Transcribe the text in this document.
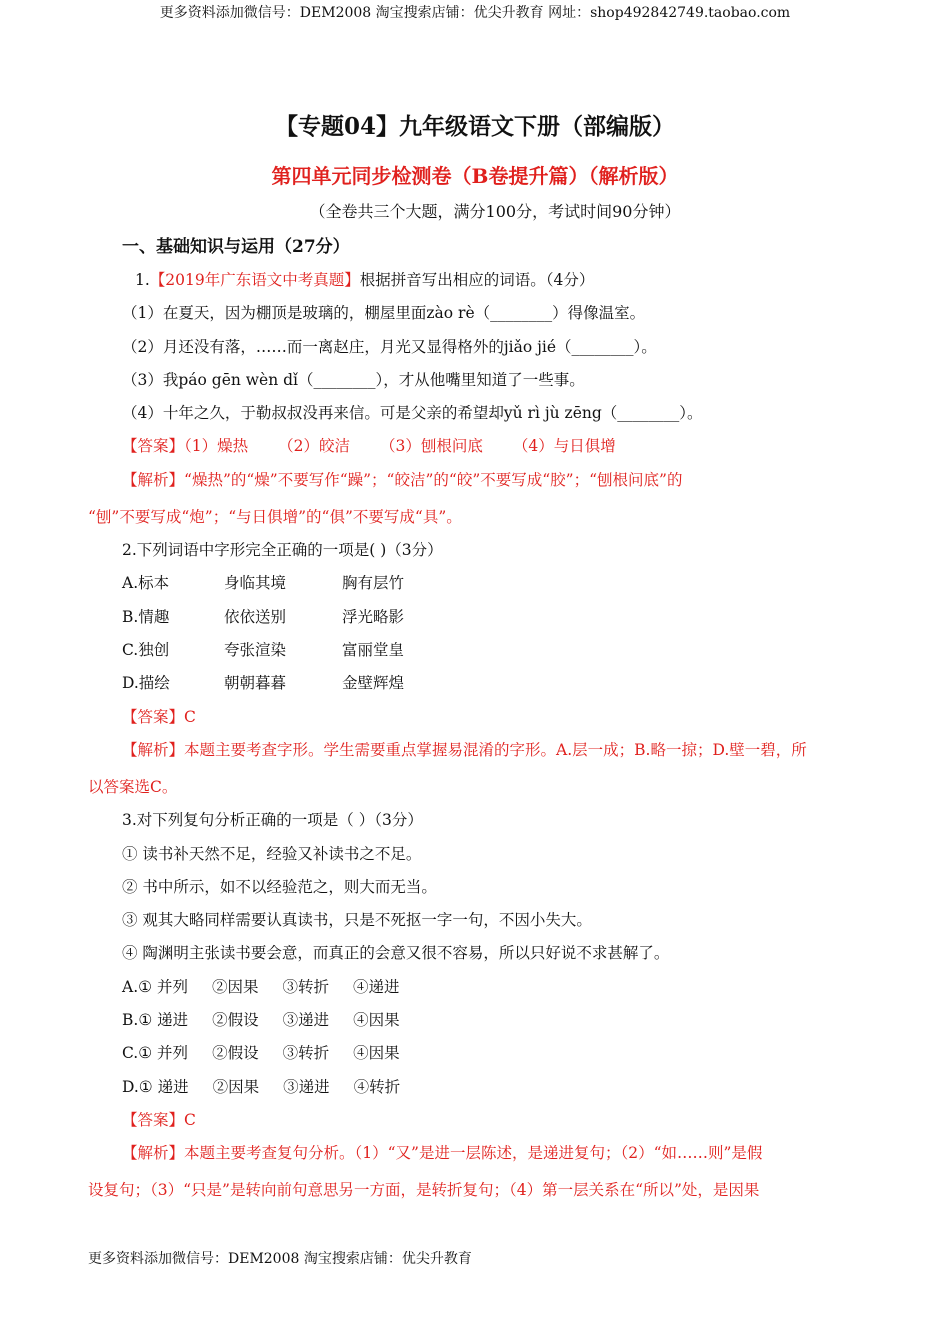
更多资料添加微信号：DEM2008 淘宝搜索店铺：优尖升教育 网址：shop492842749.taobao.com
【专题04】九年级语文下册（部编版）
第四单元同步检测卷（B卷提升篇）（解析版）
（全卷共三个大题，满分100分，考试时间90分钟）
一、基础知识与运用（27分）
1.【2019年广东语文中考真题】根据拼音写出相应的词语。（4分）
（1）在夏天，因为棚顶是玻璃的，棚屋里面zào rè（________）得像温室。
（2）月还没有落，……而一离赵庄，月光又显得格外的jiǎo jié（________）。
（3）我páo gēn wèn dǐ（________），才从他嘴里知道了一些事。
（4）十年之久，于勒叔叔没再来信。可是父亲的希望却yǔ rì jù zēng（________）。
【答案】（1）燥热 （2）皎洁 （3）刨根问底 （4）与日俱增
【解析】“燥热”的“燥”不要写作“躁”；“皎洁”的“皎”不要写成“胶”；“刨根问底”的
“刨”不要写成“炮”；“与日俱增”的“俱”不要写成“具”。
2.下列词语中字形完全正确的一项是( )（3分）
A.标本	身临其境	胸有层竹
B.情趣	依依送别	浮光略影
C.独创	夸张渲染	富丽堂皇
D.描绘	朝朝暮暮	金壁辉煌
【答案】C
【解析】本题主要考查字形。学生需要重点掌握易混淆的字形。A.层一成；B.略一掠；D.壁一碧，所
以答案选C。
3.对下列复句分析正确的一项是（ ）（3分）
① 读书补天然不足，经验又补读书之不足。
② 书中所示，如不以经验范之，则大而无当。
③ 观其大略同样需要认真读书，只是不死抠一字一句，不因小失大。
④ 陶渊明主张读书要会意，而真正的会意又很不容易，所以只好说不求甚解了。
A.① 并列 ②因果 ③转折 ④递进
B.① 递进 ②假设 ③递进 ④因果
C.① 并列 ②假设 ③转折 ④因果
D.① 递进 ②因果 ③递进 ④转折
【答案】C
【解析】本题主要考查复句分析。（1）“又”是进一层陈述，是递进复句；（2）“如……则”是假
设复句；（3）“只是”是转向前句意思另一方面，是转折复句；（4）第一层关系在“所以”处，是因果
更多资料添加微信号：DEM2008 淘宝搜索店铺：优尖升教育
